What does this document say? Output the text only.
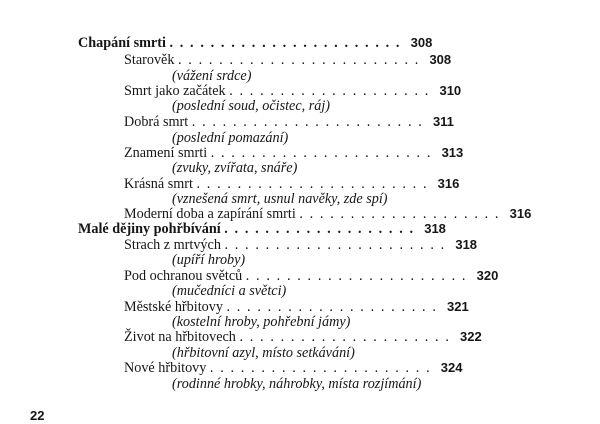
Chapání smrti . . . . . . . . . . . . . . . . . . . . . . . 308
Starověk . . . . . . . . . . . . . . . . . . . . . . . . 308
(vážení srdce)
Smrt jako začátek . . . . . . . . . . . . . . . . . . . . 310
(poslední soud, očistec, ráj)
Dobrá smrt . . . . . . . . . . . . . . . . . . . . . . . 311
(poslední pomazání)
Znamení smrti . . . . . . . . . . . . . . . . . . . . . . 313
(zvuky, zvířata, snáře)
Krásná smrt . . . . . . . . . . . . . . . . . . . . . . . 316
(vznešená smrt, usnul navěky, zde spí)
Moderní doba a zapírání smrti . . . . . . . . . . . . . . . . . . . . 316
Malé dějiny pohřbívání . . . . . . . . . . . . . . . . . . . 318
Strach z mrtvých . . . . . . . . . . . . . . . . . . . . . . 318
(upíří hroby)
Pod ochranou světců . . . . . . . . . . . . . . . . . . . . . . 320
(mučedníci a světci)
Městské hřbitovy . . . . . . . . . . . . . . . . . . . . . 321
(kostelní hroby, pohřební jámy)
Život na hřbitovech . . . . . . . . . . . . . . . . . . . . . 322
(hřbitovní azyl, místo setkávání)
Nové hřbitovy . . . . . . . . . . . . . . . . . . . . . . 324
(rodinné hrobky, náhrobky, místa rozjímání)
22
